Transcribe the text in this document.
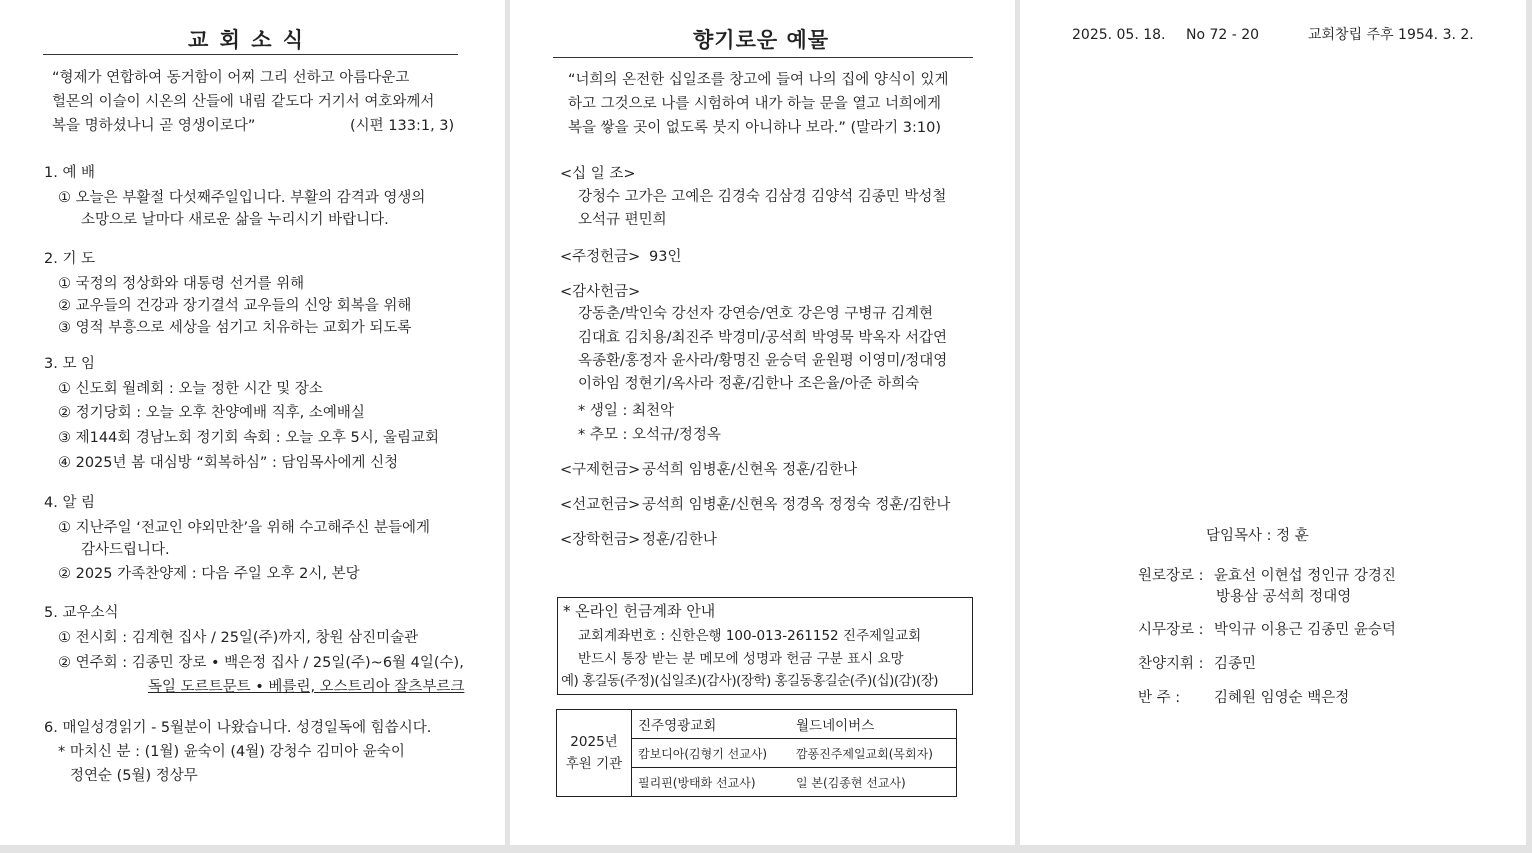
교 회 소 식
“형제가 연합하여 동거함이 어찌 그리 선하고 아름다운고
헐몬의 이슬이 시온의 산들에 내림 같도다 거기서 여호와께서
복을 명하셨나니 곧 영생이로다”	(시편 133:1, 3)
1. 예 배
① 오늘은 부활절 다섯째주일입니다. 부활의 감격과 영생의
소망으로 날마다 새로운 삶을 누리시기 바랍니다.
2. 기 도
① 국정의 정상화와 대통령 선거를 위해
② 교우들의 건강과 장기결석 교우들의 신앙 회복을 위해
③ 영적 부흥으로 세상을 섬기고 치유하는 교회가 되도록
3. 모 임
① 신도회 월례회 : 오늘 정한 시간 및 장소
② 정기당회 : 오늘 오후 찬양예배 직후, 소예배실
③ 제144회 경남노회 정기회 속회 : 오늘 오후 5시, 울림교회
④ 2025년 봄 대심방 “회복하심” : 담임목사에게 신청
4. 알 림
① 지난주일 ‘전교인 야외만찬’을 위해 수고해주신 분들에게
감사드립니다.
② 2025 가족찬양제 : 다음 주일 오후 2시, 본당
5. 교우소식
① 전시회 : 김계현 집사 / 25일(주)까지, 창원 삼진미술관
② 연주회 : 김종민 장로 • 백은정 집사 / 25일(주)~6월 4일(수),
독일 도르트문트 • 베를린, 오스트리아 잘츠부르크
6. 매일성경읽기 - 5월분이 나왔습니다. 성경일독에 힘씁시다.
* 마치신 분 : (1월) 윤숙이 (4월) 강청수 김미아 윤숙이
정연순 (5월) 정상무
향기로운 예물
“너희의 온전한 십일조를 창고에 들여 나의 집에 양식이 있게
하고 그것으로 나를 시험하여 내가 하늘 문을 열고 너희에게
복을 쌓을 곳이 없도록 붓지 아니하나 보라.” (말라기 3:10)
<십 일 조>
강청수 고가은 고예은 김경숙 김삼경 김양석 김종민 박성철
오석규 편민희
<주정헌금> 93인
<감사헌금>
강동춘/박인숙 강선자 강연승/연호 강은영 구병규 김계현
김대효 김치용/최진주 박경미/공석희 박영묵 박옥자 서갑연
옥종환/홍정자 윤사라/황명진 윤승덕 윤원평 이영미/정대영
이하임 정현기/옥사라 정훈/김한나 조은율/아준 하희숙
* 생일 : 최천악
* 추모 : 오석규/정정옥
<구제헌금> 공석희 임병훈/신현옥 정훈/김한나
<선교헌금> 공석희 임병훈/신현옥 정경옥 정정숙 정훈/김한나
<장학헌금> 정훈/김한나
* 온라인 헌금계좌 안내
교회계좌번호 : 신한은행 100-013-261152 진주제일교회
반드시 통장 받는 분 메모에 성명과 헌금 구분 표시 요망
예) 홍길동(주정)(십일조)(감사)(장학) 홍길동홍길순(주)(십)(감)(장)
2025년
후원 기관	진주영광교회	월드네이버스
	캄보디아(김형기 선교사)	깜퐁진주제일교회(목회자)
	필리핀(방태화 선교사)	일 본(김종현 선교사)
2025. 05. 18. No 72 - 20	교회창립 주후 1954. 3. 2.
담임목사 : 정 훈
원로장로 : 윤효선 이현섭 정인규 강경진
방용삼 공석희 정대영
시무장로 : 박익규 이용근 김종민 윤승덕
찬양지휘 : 김종민
반 주 : 김혜원 임영순 백은정
